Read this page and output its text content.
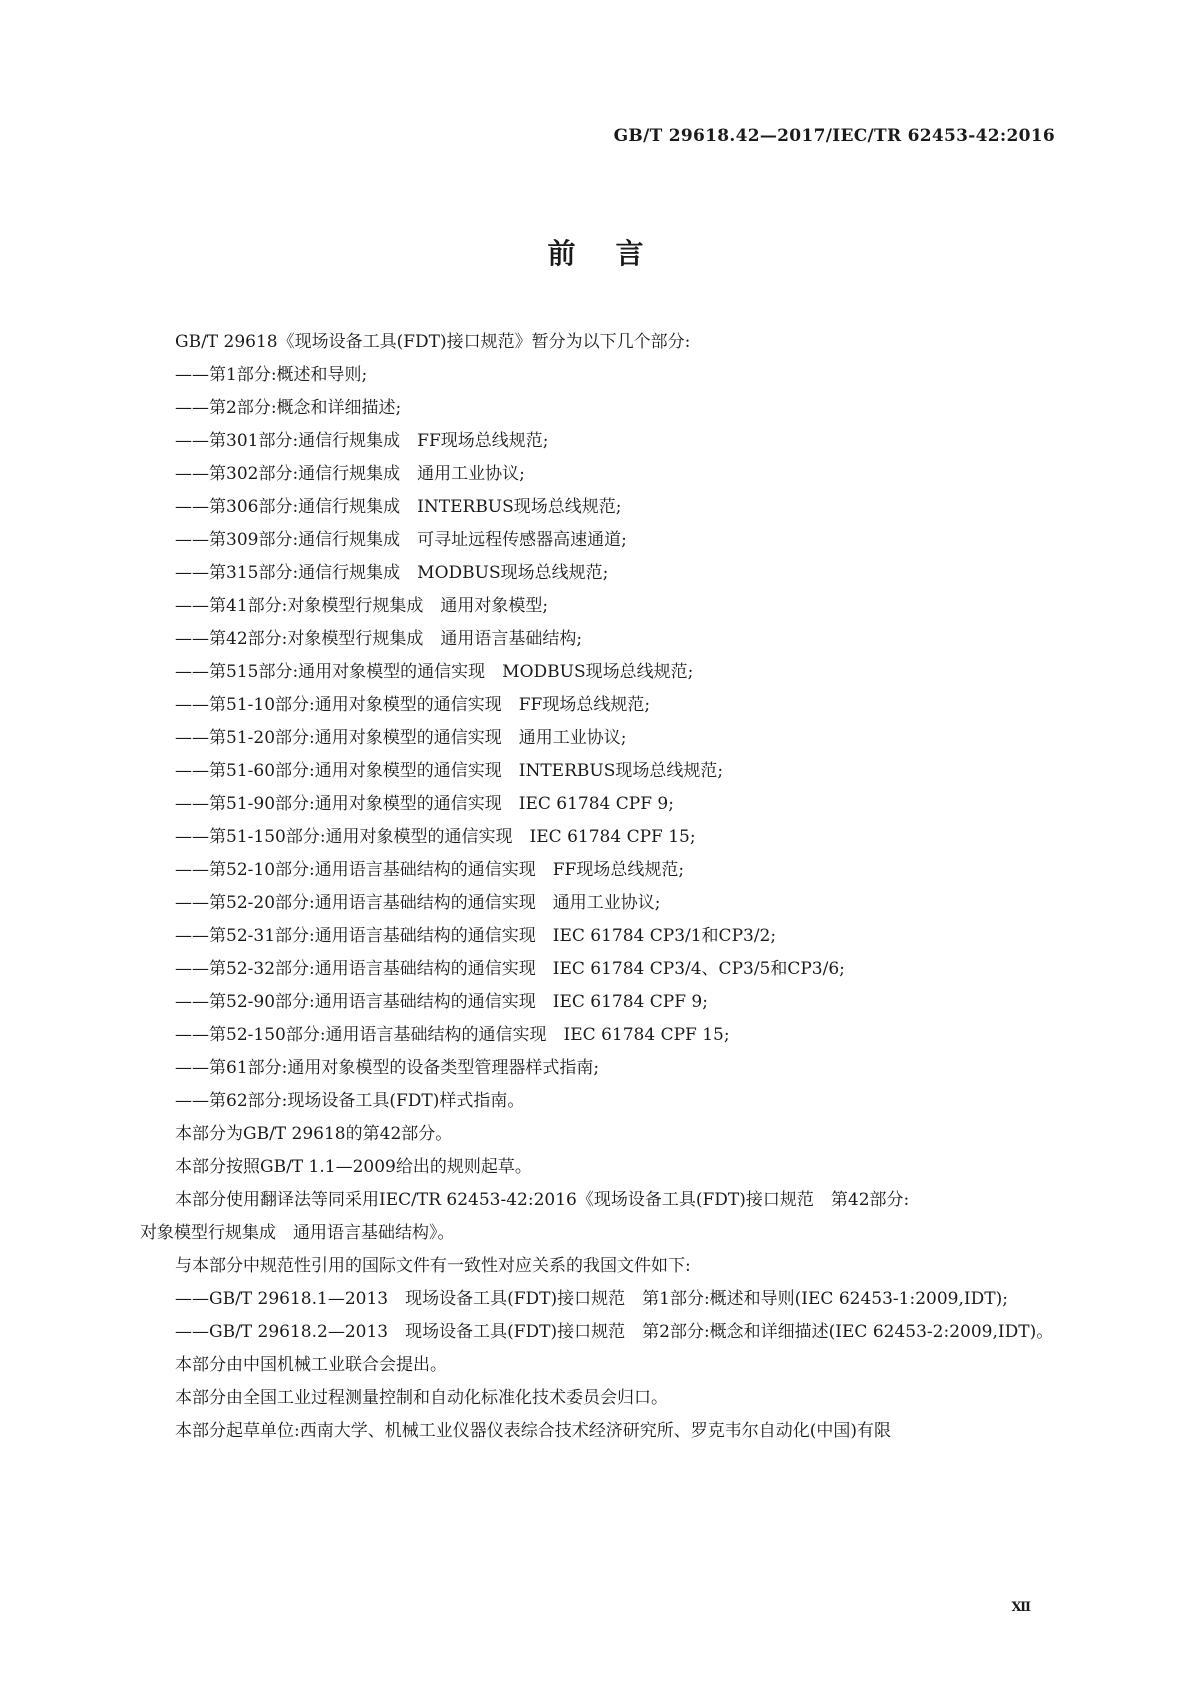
GB/T 29618.42—2017/IEC/TR 62453-42:2016
前言

GB/T 29618《现场设备工具(FDT)接口规范》暂分为以下几个部分:

——第1部分:概述和导则;

——第2部分:概念和详细描述;

——第301部分:通信行规集成　FF现场总线规范;

——第302部分:通信行规集成　通用工业协议;

——第306部分:通信行规集成　INTERBUS现场总线规范;

——第309部分:通信行规集成　可寻址远程传感器高速通道;

——第315部分:通信行规集成　MODBUS现场总线规范;

——第41部分:对象模型行规集成　通用对象模型;

——第42部分:对象模型行规集成　通用语言基础结构;

——第515部分:通用对象模型的通信实现　MODBUS现场总线规范;

——第51-10部分:通用对象模型的通信实现　FF现场总线规范;

——第51-20部分:通用对象模型的通信实现　通用工业协议;

——第51-60部分:通用对象模型的通信实现　INTERBUS现场总线规范;

——第51-90部分:通用对象模型的通信实现　IEC 61784 CPF 9;

——第51-150部分:通用对象模型的通信实现　IEC 61784 CPF 15;

——第52-10部分:通用语言基础结构的通信实现　FF现场总线规范;

——第52-20部分:通用语言基础结构的通信实现　通用工业协议;

——第52-31部分:通用语言基础结构的通信实现　IEC 61784 CP3/1和CP3/2;

——第52-32部分:通用语言基础结构的通信实现　IEC 61784 CP3/4、CP3/5和CP3/6;

——第52-90部分:通用语言基础结构的通信实现　IEC 61784 CPF 9;

——第52-150部分:通用语言基础结构的通信实现　IEC 61784 CPF 15;

——第61部分:通用对象模型的设备类型管理器样式指南;

——第62部分:现场设备工具(FDT)样式指南。

本部分为GB/T 29618的第42部分。

本部分按照GB/T 1.1—2009给出的规则起草。

本部分使用翻译法等同采用IEC/TR 62453-42:2016《现场设备工具(FDT)接口规范　第42部分:

对象模型行规集成　通用语言基础结构》。

与本部分中规范性引用的国际文件有一致性对应关系的我国文件如下:

——GB/T 29618.1—2013　现场设备工具(FDT)接口规范　第1部分:概述和导则(IEC 62453-1:2009,IDT);

——GB/T 29618.2—2013　现场设备工具(FDT)接口规范　第2部分:概念和详细描述(IEC 62453-2:2009,IDT)。

本部分由中国机械工业联合会提出。

本部分由全国工业过程测量控制和自动化标准化技术委员会归口。

本部分起草单位:西南大学、机械工业仪器仪表综合技术经济研究所、罗克韦尔自动化(中国)有限

Ⅻ
